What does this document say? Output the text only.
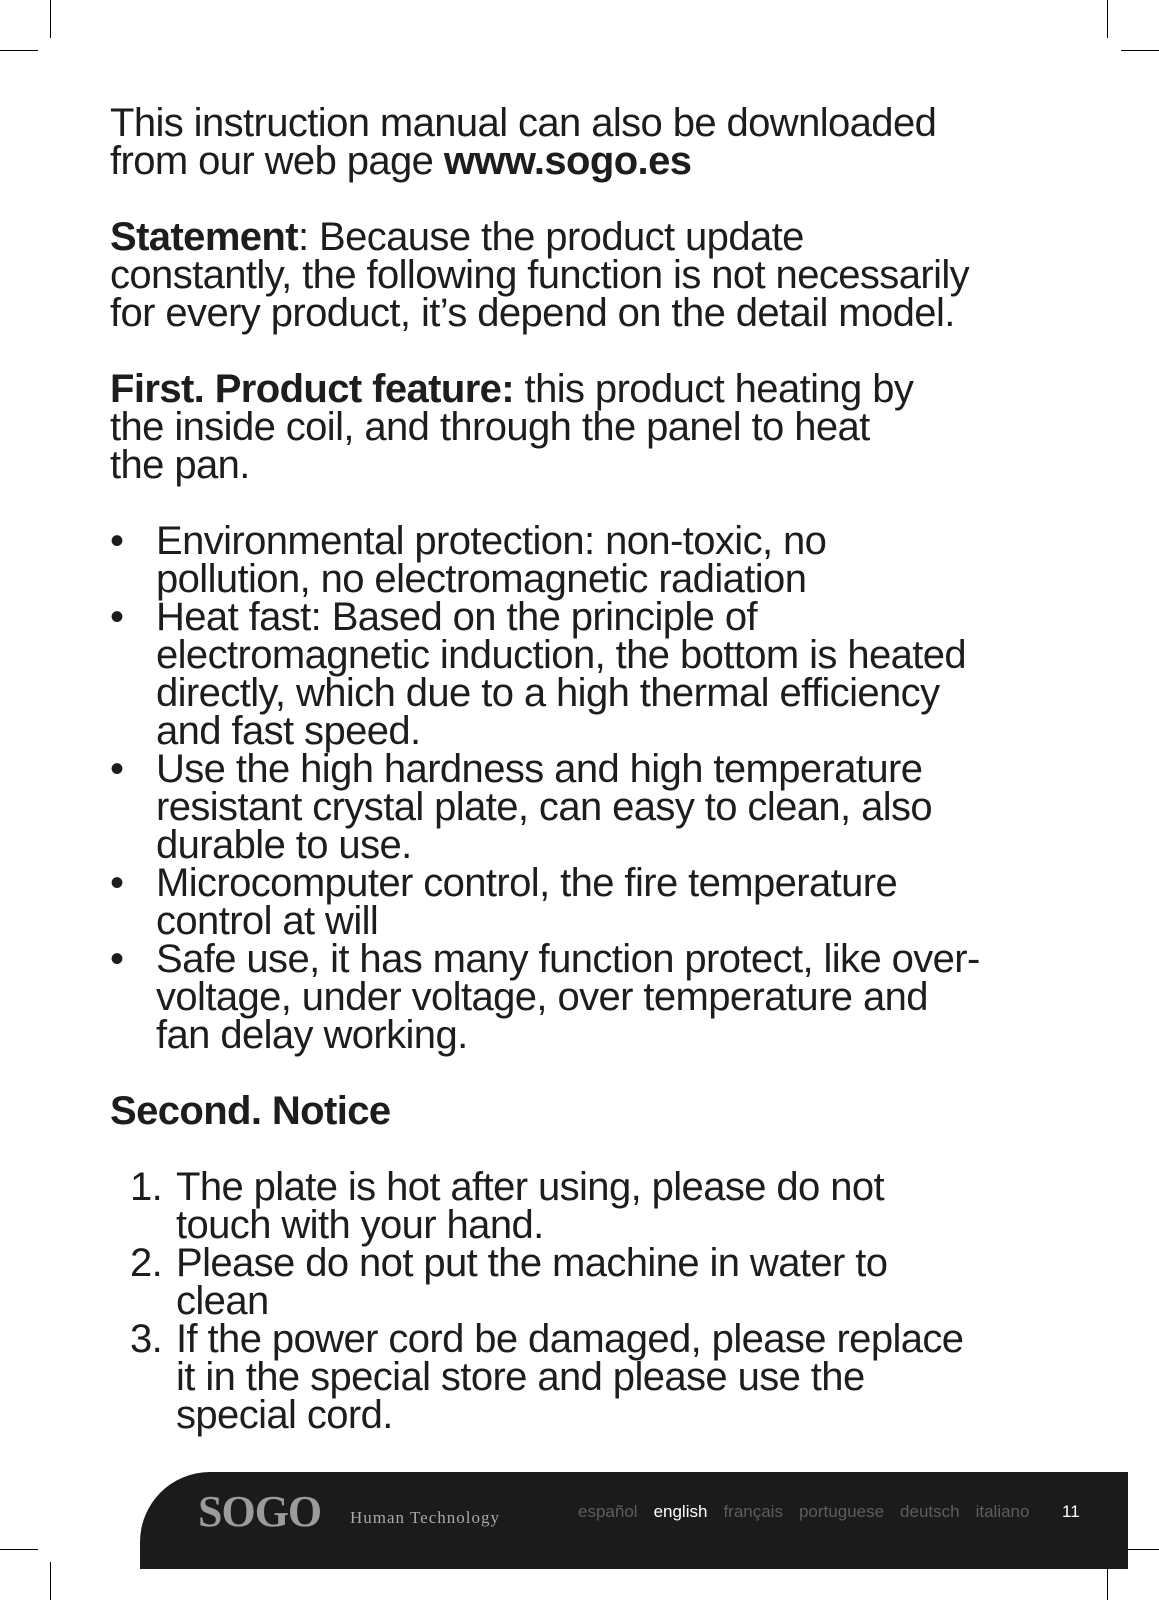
This instruction manual can also be downloaded
from our web page www.sogo.es

Statement: Because the product update
constantly, the following function is not necessarily
for every product, it’s depend on the detail model.

First. Product feature: this product heating by
the inside coil, and through the panel to heat
the pan.

• Environmental protection: non-toxic, no
pollution, no electromagnetic radiation
• Heat fast: Based on the principle of
electromagnetic induction, the bottom is heated
directly, which due to a high thermal efficiency
and fast speed.
• Use the high hardness and high temperature
resistant crystal plate, can easy to clean, also
durable to use.
• Microcomputer control, the fire temperature
control at will
• Safe use, it has many function protect, like over-
voltage, under voltage, over temperature and
fan delay working.

Second. Notice

1. The plate is hot after using, please do not
touch with your hand.
2. Please do not put the machine in water to
clean
3. If the power cord be damaged, please replace
it in the special store and please use the
special cord.
SOGO Human Technology	español english français portuguese deutsch italiano 11
